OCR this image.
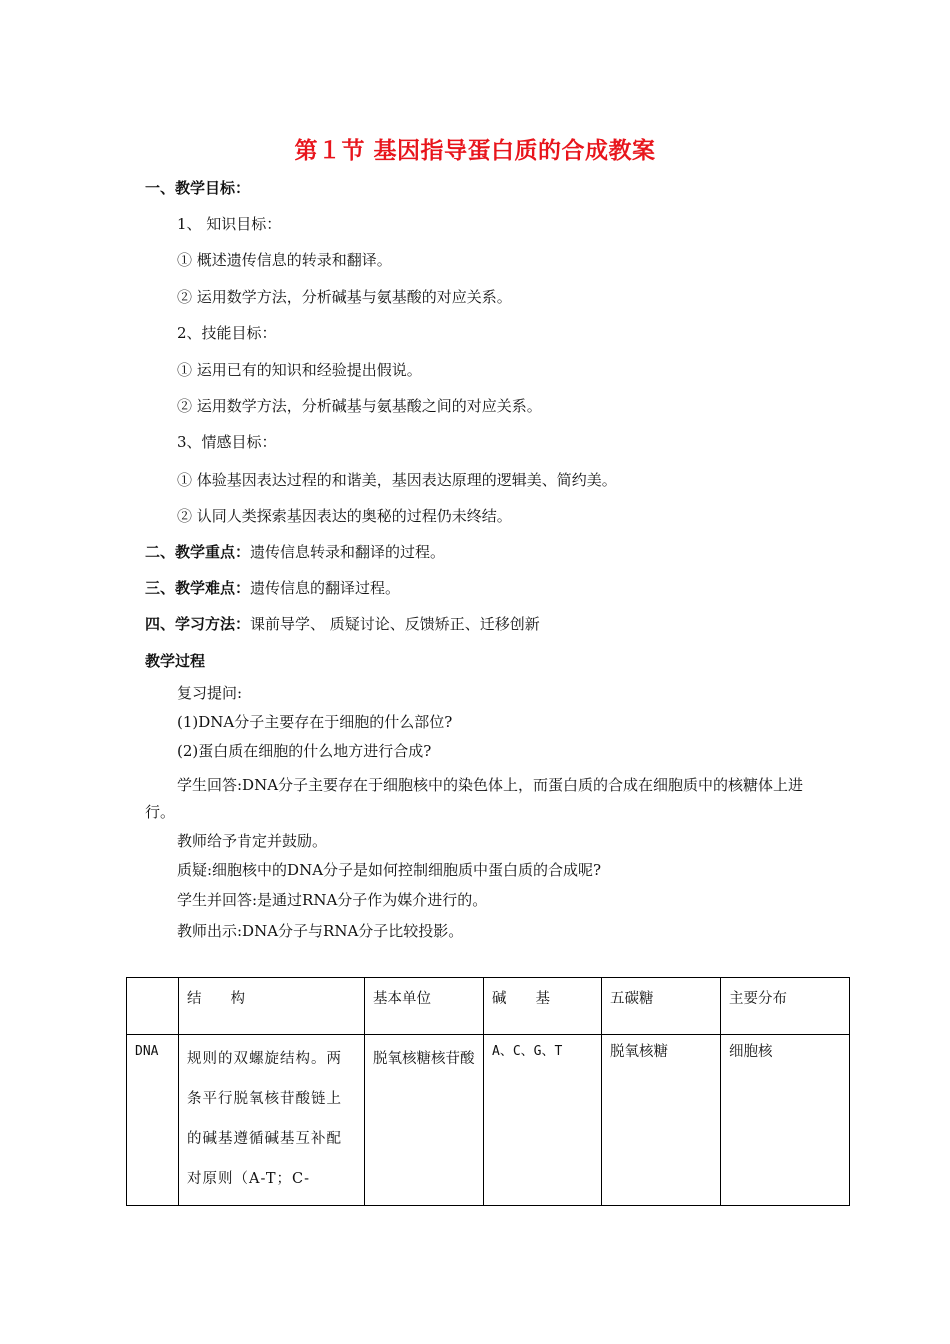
第１节 基因指导蛋白质的合成教案
一、教学目标：
1、 知识目标：
① 概述遗传信息的转录和翻译。
② 运用数学方法，分析碱基与氨基酸的对应关系。
2、技能目标：
① 运用已有的知识和经验提出假说。
② 运用数学方法，分析碱基与氨基酸之间的对应关系。
3、情感目标：
① 体验基因表达过程的和谐美，基因表达原理的逻辑美、简约美。
② 认同人类探索基因表达的奥秘的过程仍未终结。
二、教学重点：遗传信息转录和翻译的过程。
三、教学难点：遗传信息的翻译过程。
四、学习方法：课前导学、 质疑讨论、反馈矫正、迁移创新
教学过程
复习提问:
(1)DNA分子主要存在于细胞的什么部位?
(2)蛋白质在细胞的什么地方进行合成?
学生回答:DNA分子主要存在于细胞核中的染色体上，而蛋白质的合成在细胞质中的核糖体上进行。
教师给予肯定并鼓励。
质疑:细胞核中的DNA分子是如何控制细胞质中蛋白质的合成呢?
学生并回答:是通过RNA分子作为媒介进行的。
教师出示:DNA分子与RNA分子比较投影。
	结　　构	基本单位	碱　　基	五碳糖	主要分布
DNA	规则的双螺旋结构。两条平行脱氧核苷酸链上的碱基遵循碱基互补配对原则（A-T；C-	脱氧核糖核苷酸	A、C、G、T	脱氧核糖	细胞核
